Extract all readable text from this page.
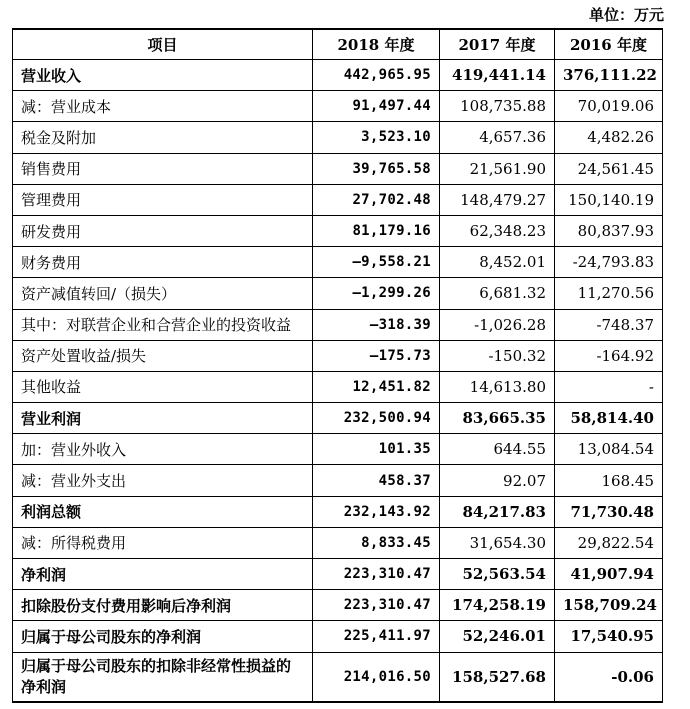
单位：万元
项目	2018 年度	2017 年度	2016 年度
营业收入	442,965.95	419,441.14	376,111.22
减：营业成本	91,497.44	108,735.88	70,019.06
税金及附加	3,523.10	4,657.36	4,482.26
销售费用	39,765.58	21,561.90	24,561.45
管理费用	27,702.48	148,479.27	150,140.19
研发费用	81,179.16	62,348.23	80,837.93
财务费用	–9,558.21	8,452.01	-24,793.83
资产减值转回/（损失）	–1,299.26	6,681.32	11,270.56
其中：对联营企业和合营企业的投资收益	–318.39	-1,026.28	-748.37
资产处置收益/损失	–175.73	-150.32	-164.92
其他收益	12,451.82	14,613.80	-
营业利润	232,500.94	83,665.35	58,814.40
加：营业外收入	101.35	644.55	13,084.54
减：营业外支出	458.37	92.07	168.45
利润总额	232,143.92	84,217.83	71,730.48
减：所得税费用	8,833.45	31,654.30	29,822.54
净利润	223,310.47	52,563.54	41,907.94
扣除股份支付费用影响后净利润	223,310.47	174,258.19	158,709.24
归属于母公司股东的净利润	225,411.97	52,246.01	17,540.95
归属于母公司股东的扣除非经常性损益的净利润	214,016.50	158,527.68	-0.06
